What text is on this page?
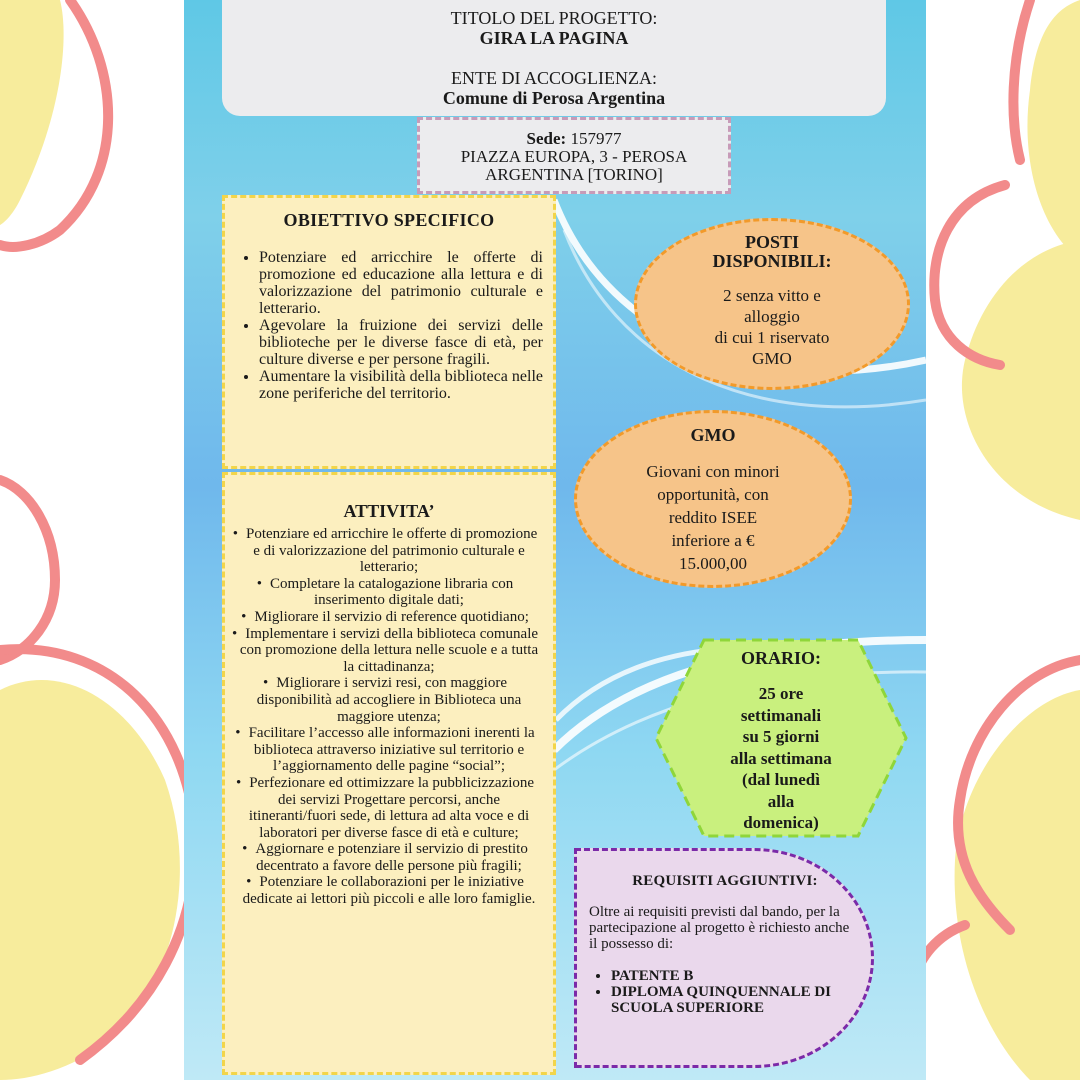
TITOLO DEL PROGETTO:
GIRA LA PAGINA
ENTE DI ACCOGLIENZA:
Comune di Perosa Argentina
Sede: 157977
PIAZZA EUROPA, 3 - PEROSA
ARGENTINA [TORINO]
OBIETTIVO SPECIFICO
• Potenziare ed arricchire le offerte di promozione ed educazione alla lettura e di valorizzazione del patrimonio culturale e letterario.
• Agevolare la fruizione dei servizi delle biblioteche per le diverse fasce di età, per culture diverse e per persone fragili.
• Aumentare la visibilità della biblioteca nelle zone periferiche del territorio.
ATTIVITA’
• Potenziare ed arricchire le offerte di promozione e di valorizzazione del patrimonio culturale e letterario;
• Completare la catalogazione libraria con inserimento digitale dati;
• Migliorare il servizio di reference quotidiano;
• Implementare i servizi della biblioteca comunale con promozione della lettura nelle scuole e a tutta la cittadinanza;
• Migliorare i servizi resi, con maggiore disponibilità ad accogliere in Biblioteca una maggiore utenza;
• Facilitare l’accesso alle informazioni inerenti la biblioteca attraverso iniziative sul territorio e l’aggiornamento delle pagine “social”;
• Perfezionare ed ottimizzare la pubblicizzazione dei servizi Progettare percorsi, anche itineranti/fuori sede, di lettura ad alta voce e di laboratori per diverse fasce di età e culture;
• Aggiornare e potenziare il servizio di prestito decentrato a favore delle persone più fragili;
• Potenziare le collaborazioni per le iniziative dedicate ai lettori più piccoli e alle loro famiglie.
POSTI
DISPONIBILI:

2 senza vitto e
alloggio
di cui 1 riservato
GMO

GMO

Giovani con minori
opportunità, con
reddito ISEE
inferiore a €
15.000,00

ORARIO:

25 ore
settimanali
su 5 giorni
alla settimana
(dal lunedì
alla
domenica)

REQUISITI AGGIUNTIVI:

Oltre ai requisiti previsti dal bando, per la partecipazione al progetto è richiesto anche il possesso di:

• PATENTE B
• DIPLOMA QUINQUENNALE DI SCUOLA SUPERIORE
